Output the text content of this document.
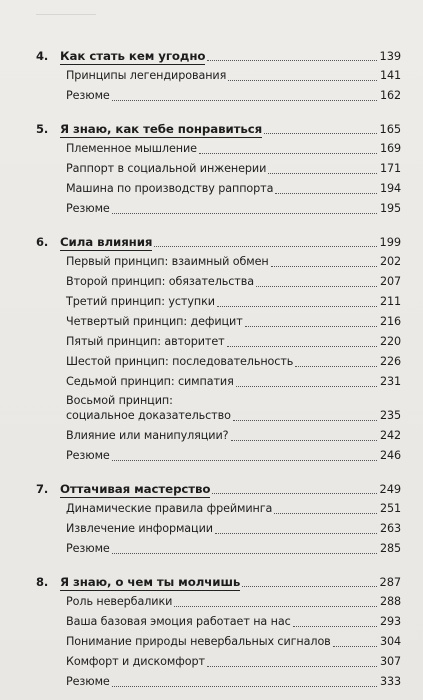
4. Как стать кем угодно	139
Принципы легендирования	141
Резюме	162
5. Я знаю, как тебе понравиться	165
Племенное мышление	169
Раппорт в социальной инженерии	171
Машина по производству раппорта	194
Резюме	195
6. Сила влияния	199
Первый принцип: взаимный обмен	202
Второй принцип: обязательства	207
Третий принцип: уступки	211
Четвертый принцип: дефицит	216
Пятый принцип: авторитет	220
Шестой принцип: последовательность	226
Седьмой принцип: симпатия	231
Восьмой принцип:
социальное доказательство	235
Влияние или манипуляции?	242
Резюме	246
7. Оттачивая мастерство	249
Динамические правила фрейминга	251
Извлечение информации	263
Резюме	285
8. Я знаю, о чем ты молчишь	287
Роль невербалики	288
Ваша базовая эмоция работает на нас	293
Понимание природы невербальных сигналов	304
Комфорт и дискомфорт	307
Резюме	333
